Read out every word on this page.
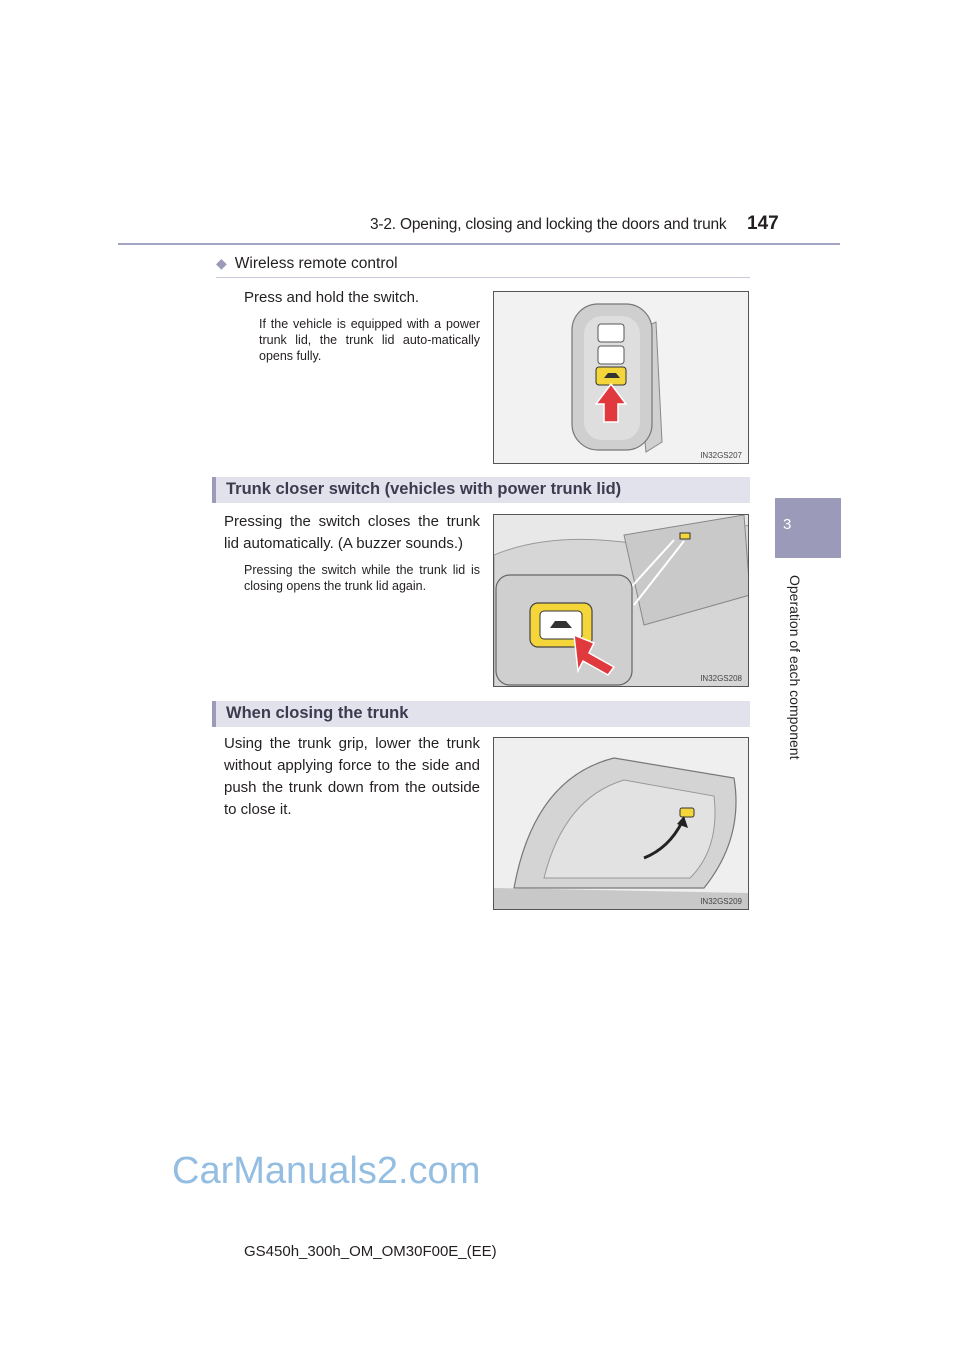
3-2. Opening, closing and locking the doors and trunk 147
3
Operation of each component
◆ Wireless remote control
Press and hold the switch.
If the vehicle is equipped with a power trunk lid, the trunk lid auto-matically opens fully.
IN32GS207
Trunk closer switch (vehicles with power trunk lid)
Pressing the switch closes the trunk lid automatically. (A buzzer sounds.)
Pressing the switch while the trunk lid is closing opens the trunk lid again.
IN32GS208
When closing the trunk
Using the trunk grip, lower the trunk without applying force to the side and push the trunk down from the outside to close it.
IN32GS209
CarManuals2.com
GS450h_300h_OM_OM30F00E_(EE)
